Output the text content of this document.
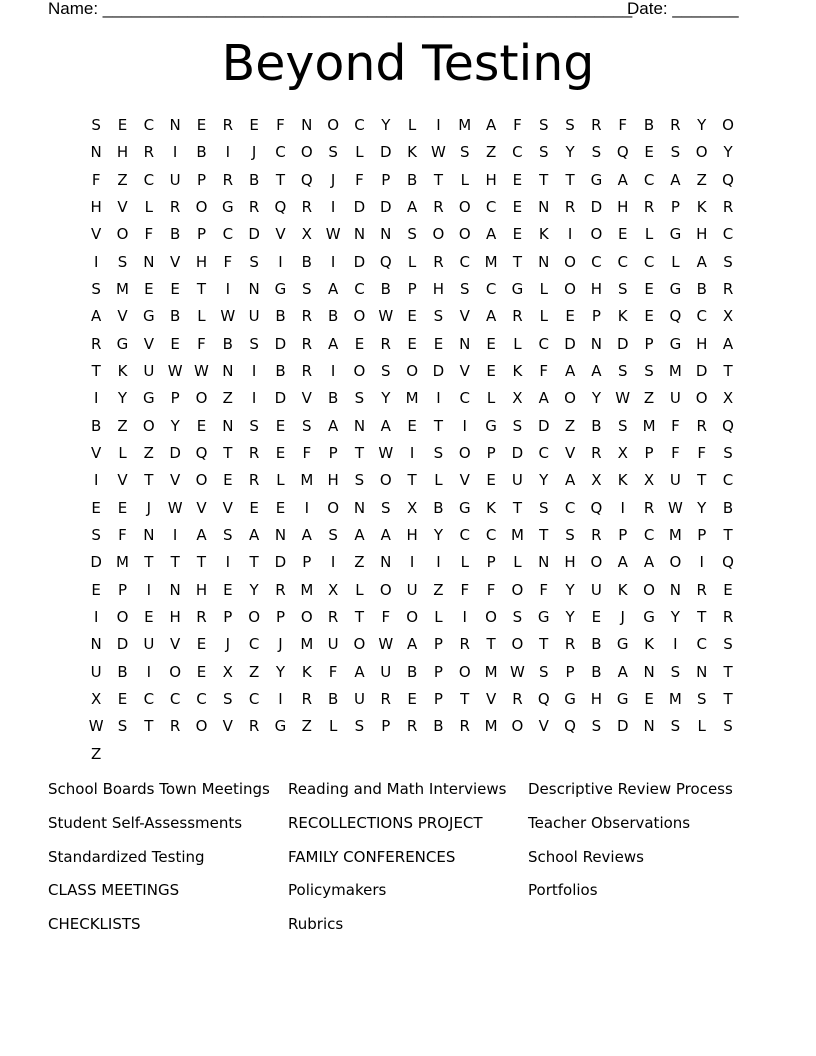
Name: ________________________________________________________
Date: _______
Beyond Testing
S	E	C	N	E	R	E	F	N O	C	Y	L	I	M A	F	S	S	R	F	B	R	Y	O
N	H	R	I	B	I	J	C	O	S	L	D	K W S	Z	C	S	Y	S	Q	E	S	O	Y
F	Z	C	U	P	R	B	T	Q	J	F	P	B	T	L	H	E	T	T	G	A	C	A	Z	Q
H	V	L	R	O G	R	Q	R	I	D D	A	R	O	C	E	N	R	D H	R	P	K	R
V	O	F	B	P	C	D	V	X W N	N	S	O O	A	E	K	I	O	E	L	G H	C
I	S	N	V	H	F	S	I	B	I	D Q	L	R	C M	T	N O	C	C	C	L	A	S
S	M	E	E	T	I	N G	S	A	C	B	P	H	S	C	G	L	O H	S	E	G	B	R
A	V	G	B	L W U	B	R	B	O W E	S	V	A	R	L	E	P	K	E	Q	C	X
R	G	V	E	F	B	S	D	R	A	E	R	E	E	N	E	L	C	D N D	P	G H	A
T	K	U W W N	I	B	R	I	O	S	O D	V	E	K	F	A	A	S	S	M D	T
I	Y	G	P	O	Z	I	D	V	B	S	Y	M	I	C	L	X	A	O	Y W Z	U O	X
B	Z	O	Y	E	N	S	E	S	A	N	A	E	T	I	G	S	D	Z	B	S	M	F	R	Q
V	L	Z	D Q	T	R	E	F	P	T W	I	S	O	P	D	C	V	R	X	P	F	F	S
I	V	T	V	O	E	R	L	M H	S	O	T	L	V	E	U	Y	A	X	K	X	U	T	C
E	E	J	W V	V	E	E	I	O N	S	X	B	G	K	T	S	C	Q	I	R W Y	B
S	F	N	I	A	S	A	N	A	S	A	A	H	Y	C	C M	T	S	R	P	C M	P	T
D M	T	T	T	I	T	D	P	I	Z	N	I	I	L	P	L	N	H O	A	A	O	I	Q
E	P	I	N	H	E	Y	R M X	L	O U	Z	F	F	O	F	Y	U	K	O N	R	E
I	O	E	H	R	P	O	P	O	R	T	F	O	L	I	O	S	G	Y	E	J	G	Y	T	R
N D	U	V	E	J	C	J	M U O W A	P	R	T	O	T	R	B	G	K	I	C	S
U	B	I	O	E	X	Z	Y	K	F	A	U	B	P	O M W S	P	B	A	N	S	N	T
X	E	C	C	C	S	C	I	R	B	U	R	E	P	T	V	R	Q G H G	E	M	S	T
W S	T	R	O	V	R	G	Z	L	S	P	R	B	R M O	V	Q	S	D N	S	L	S
Z
School Boards Town Meetings	Reading and Math Interviews	Descriptive Review Process
Student Self-Assessments	RECOLLECTIONS PROJECT	Teacher Observations
Standardized Testing	FAMILY CONFERENCES	School Reviews
CLASS MEETINGS	Policymakers	Portfolios
CHECKLISTS	Rubrics
